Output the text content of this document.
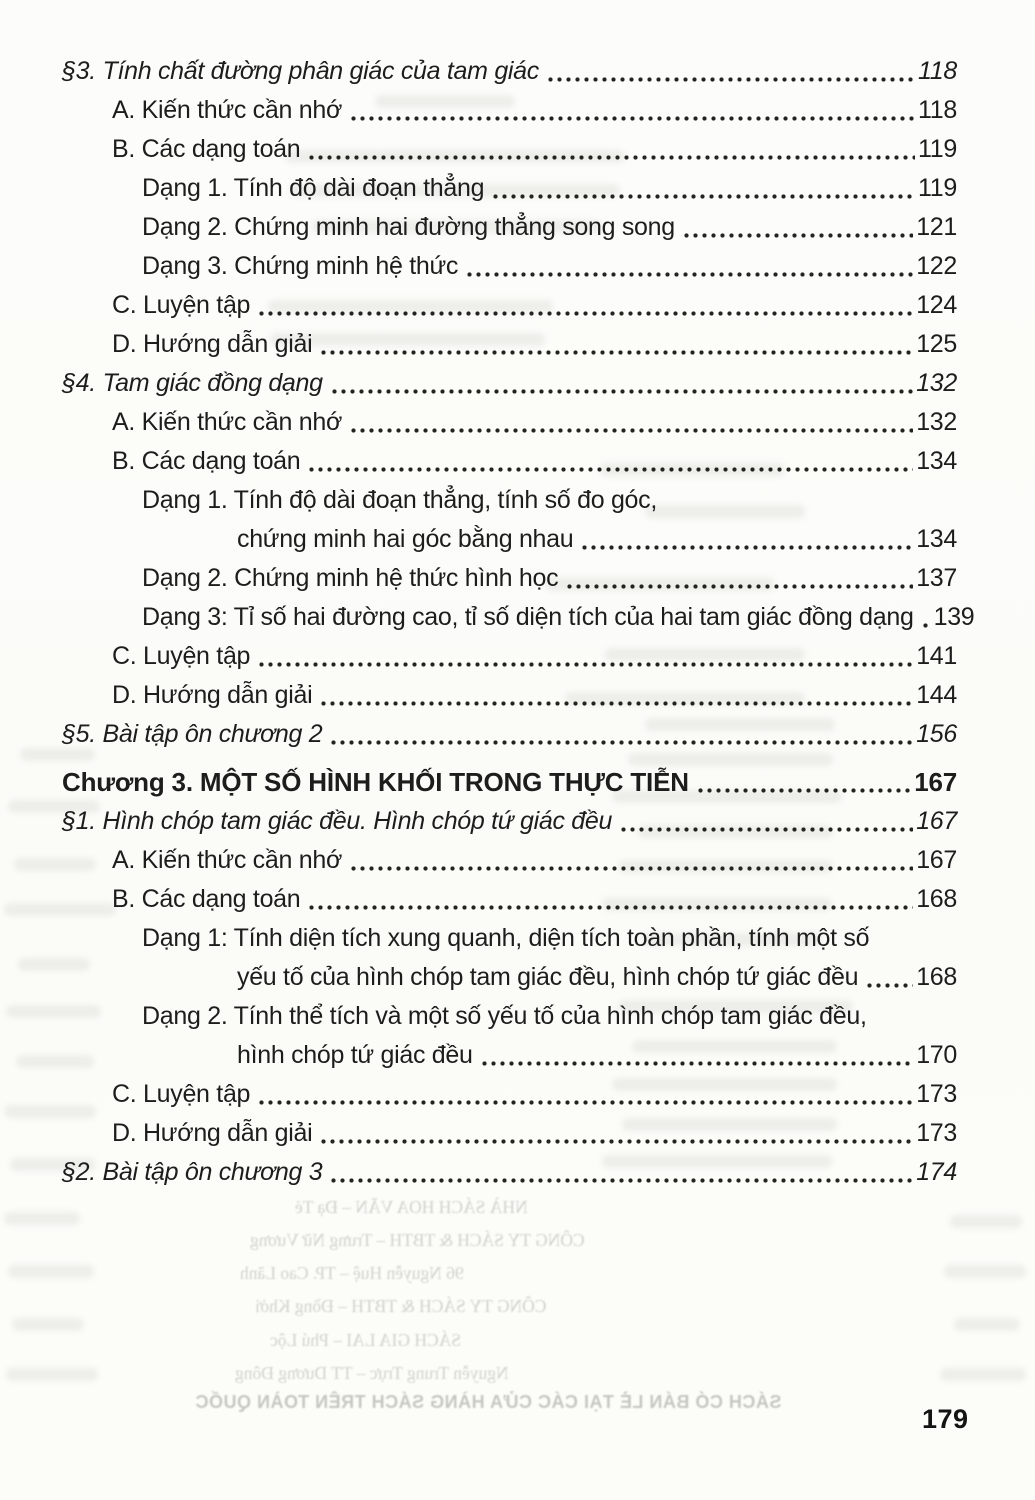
NHÀ SÁCH HOA VĂN – Đạ Tẻ
CÔNG TY SÁCH & TBTH – Trưng Nữ Vương
96 Nguyễn Huệ – TP. Cao Lãnh
CÔNG TY SÁCH & TBTH – Đồng Khởi
SÁCH GIA LAI – Phú Lộc
Nguyễn Trung Trực – TT Dương Đông
SÁCH CÓ BÁN LẺ TẠI CÁC CỬA HÀNG SÁCH TRÊN TOÀN QUỐC
§3. Tính chất đường phân giác của tam giác	118
A. Kiến thức cần nhớ	118
B. Các dạng toán	119
Dạng 1. Tính độ dài đoạn thẳng	119
Dạng 2. Chứng minh hai đường thẳng song song	121
Dạng 3. Chứng minh hệ thức	122
C. Luyện tập	124
D. Hướng dẫn giải	125
§4. Tam giác đồng dạng	132
A. Kiến thức cần nhớ	132
B. Các dạng toán	134
Dạng 1. Tính độ dài đoạn thẳng, tính số đo góc,
chứng minh hai góc bằng nhau	134
Dạng 2. Chứng minh hệ thức hình học	137
Dạng 3: Tỉ số hai đường cao, tỉ số diện tích của hai tam giác đồng dạng 139
C. Luyện tập	141
D. Hướng dẫn giải	144
§5. Bài tập ôn chương 2	156
Chương 3. MỘT SỐ HÌNH KHỐI TRONG THỰC TIỄN	167
§1. Hình chóp tam giác đều. Hình chóp tứ giác đều	167
A. Kiến thức cần nhớ	167
B. Các dạng toán	168
Dạng 1: Tính diện tích xung quanh, diện tích toàn phần, tính một số
yếu tố của hình chóp tam giác đều, hình chóp tứ giác đều 168
Dạng 2. Tính thể tích và một số yếu tố của hình chóp tam giác đều,
hình chóp tứ giác đều	170
C. Luyện tập	173
D. Hướng dẫn giải	173
§2. Bài tập ôn chương 3	174
179
